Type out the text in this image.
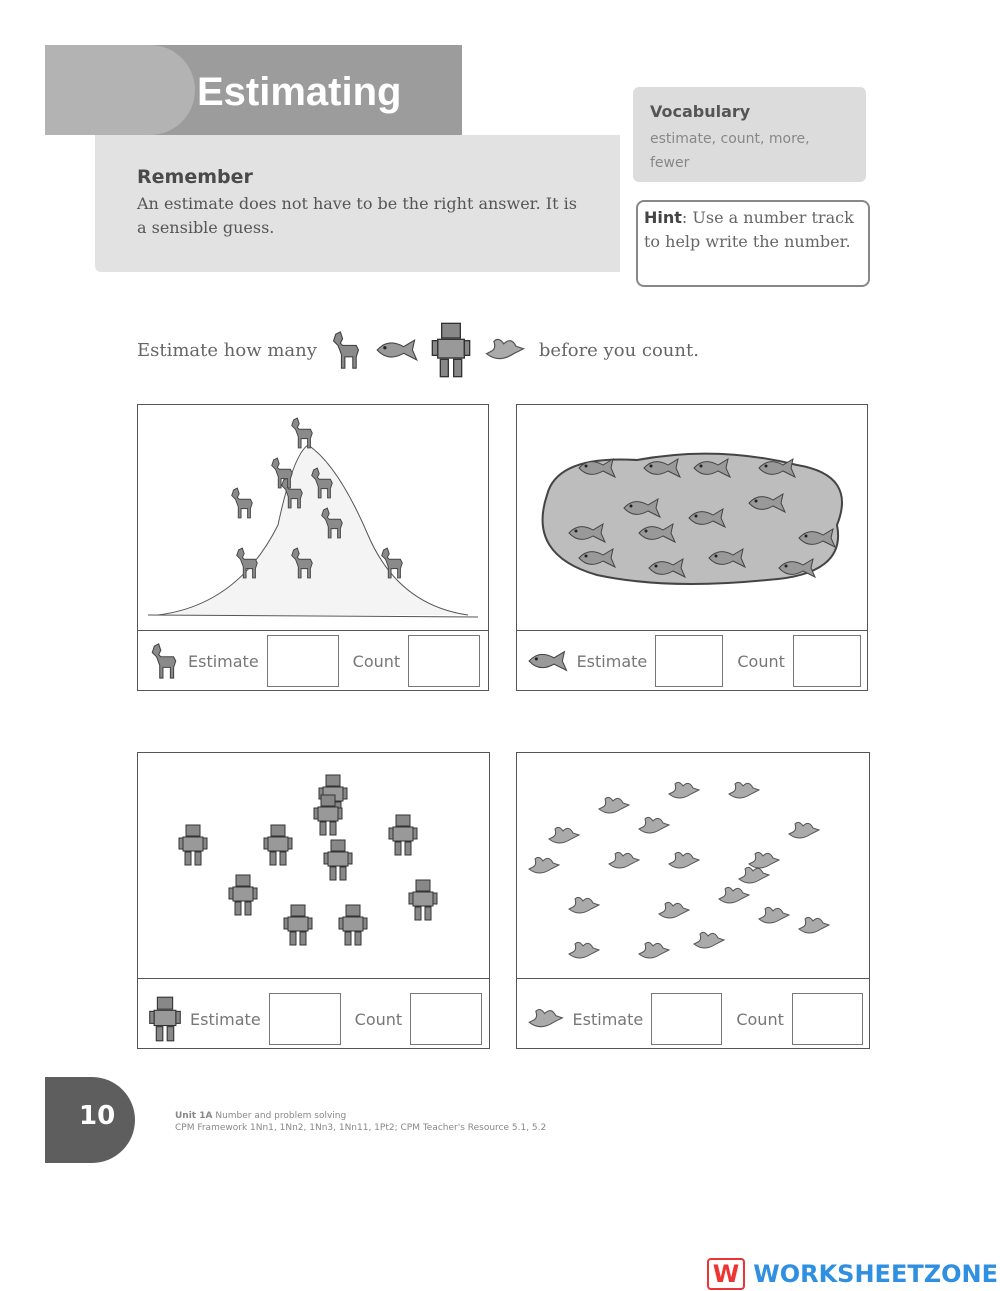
Estimating
Remember
An estimate does not have to be the right answer. It is a sensible guess.
Vocabulary
estimate, count, more, fewer
Hint: Use a number track to help write the number.
Estimate how many	before you count.
Estimate	Count	Estimate	Count
Estimate	Count	Estimate	Count
10	Unit 1A Number and problem solving
CPM Framework 1Nn1, 1Nn2, 1Nn3, 1Nn11, 1Pt2; CPM Teacher's Resource 5.1, 5.2
W WORKSHEETZONE
